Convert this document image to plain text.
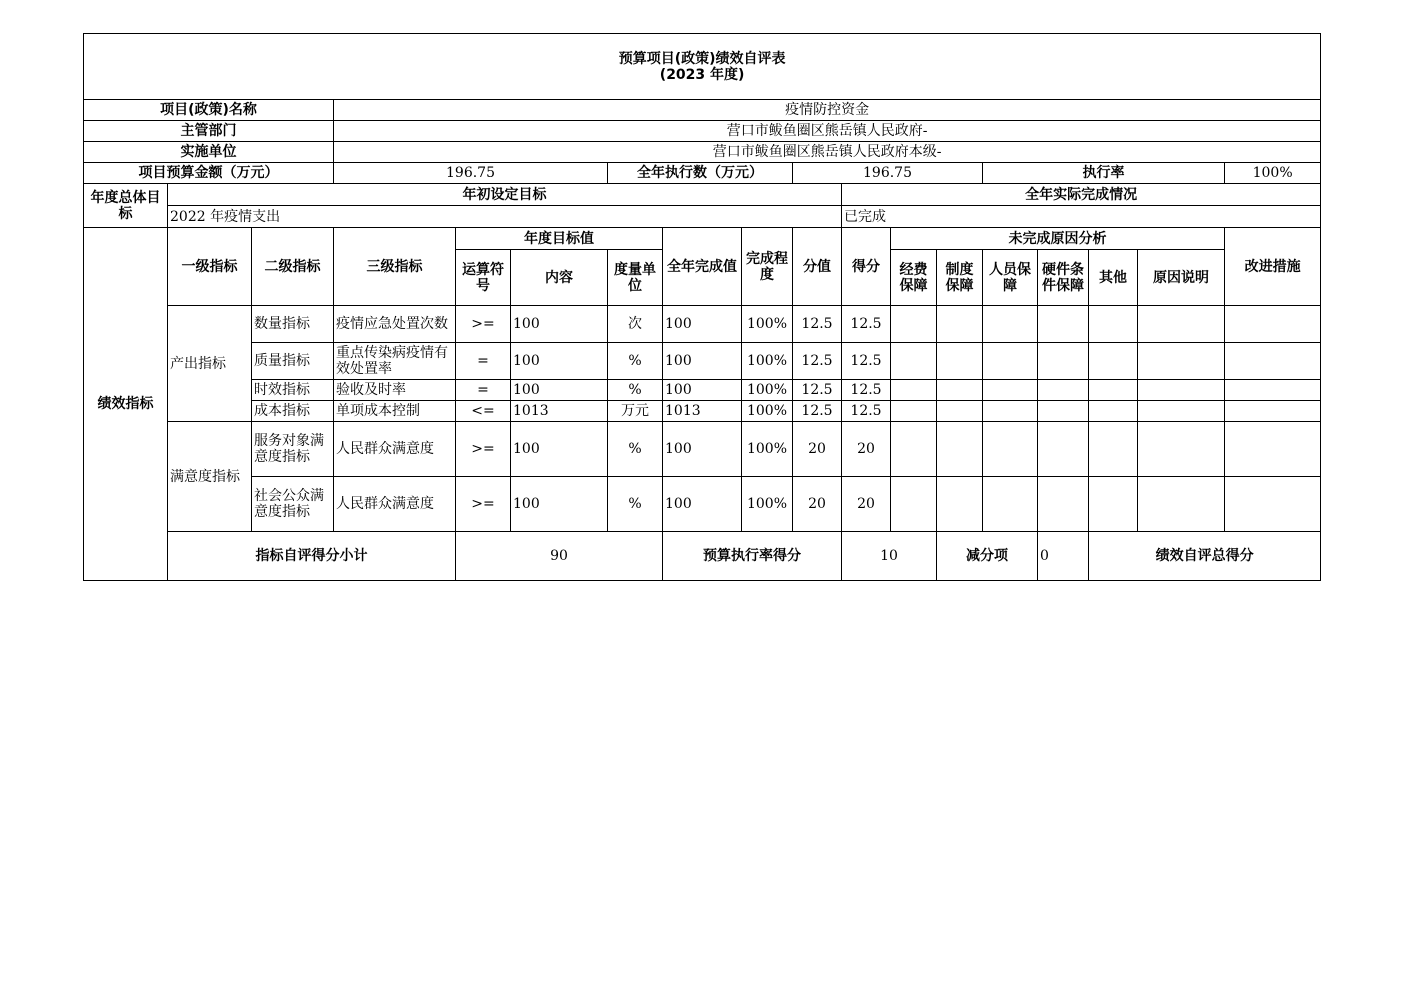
预算项目(政策)绩效自评表
(2023 年度)																		

项目(政策)名称			疫情防控资金															
主管部门			营口市鲅鱼圈区熊岳镇人民政府-															
实施单位			营口市鲅鱼圈区熊岳镇人民政府本级-															
项目预算金额（万元）			196.75			全年执行数（万元）			196.75				执行率				100%	
年度总体目标	年初设定目标									全年实际完成情况								
	2022 年疫情支出									已完成								
绩效指标	一级指标	二级指标	三级指标	年度目标值			全年完成值	完成程度	分值	得分	未完成原因分析						改进措施	
				运算符号	内容	度量单位					经费保障	制度保障	人员保障	硬件条件保障	其他	原因说明		
	产出指标	数量指标	疫情应急处置次数	>=	100	次	100	100%	12.5	12.5								
		质量指标	重点传染病疫情有效处置率	=	100	%	100	100%	12.5	12.5								
		时效指标	验收及时率	=	100	%	100	100%	12.5	12.5								
		成本指标	单项成本控制	<=	1013	万元	1013	100%	12.5	12.5								
	满意度指标	服务对象满意度指标	人民群众满意度	>=	100	%	100	100%	20	20								
		社会公众满意度指标	人民群众满意度	>=	100	%	100	100%	20	20								
	指标自评得分小计			90			预算执行率得分			10		减分项		0	绩效自评总得分	
